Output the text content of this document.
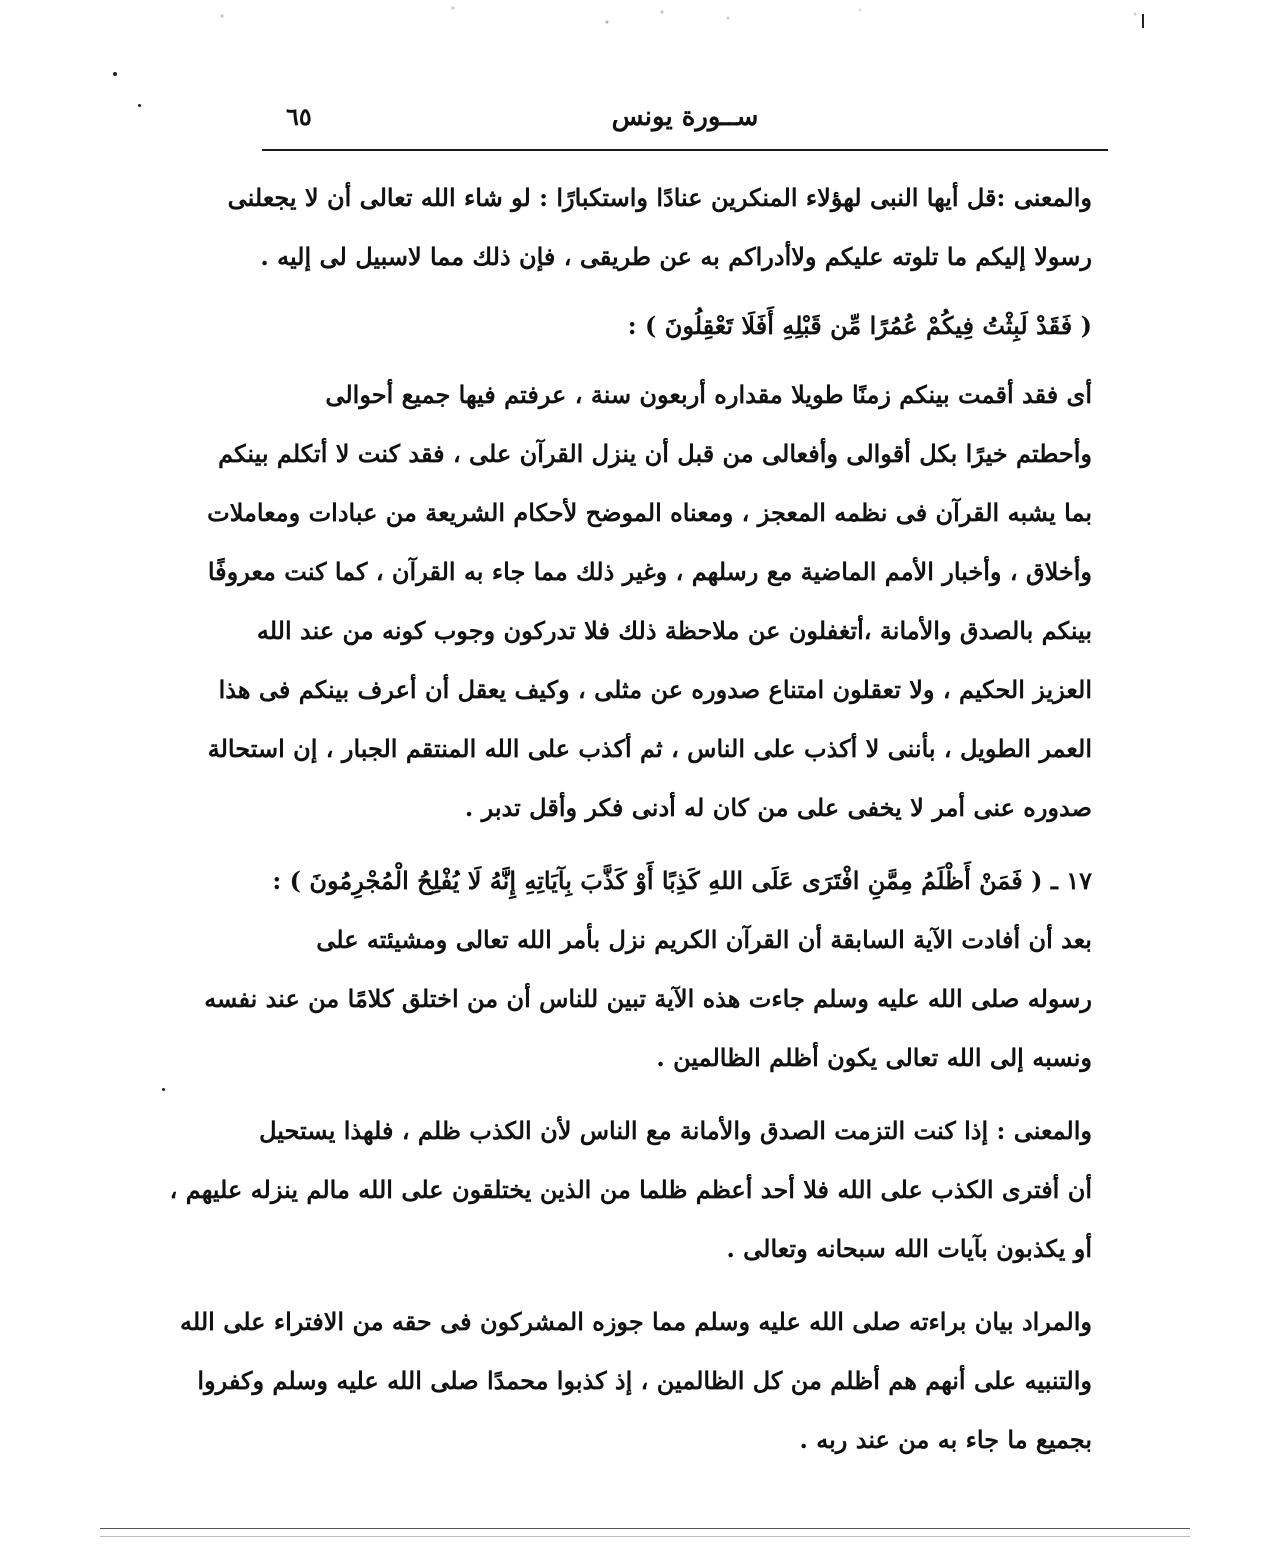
٦٥	ســورة يونس
والمعنى :قل أيها النبى لهؤلاء المنكرين عنادًا واستكبارًا : لو شاء الله تعالى أن لا يجعلنى
رسولا إليكم ما تلوته عليكم ولاأدراكم به عن طريقى ، فإن ذلك مما لاسبيل لى إليه .
( فَقَدْ لَبِثْتُ فِيكُمْ عُمُرًا مِّن قَبْلِهِ أَفَلَا تَعْقِلُونَ ) :
أى فقد أقمت بينكم زمنًا طويلا مقداره أربعون سنة ، عرفتم فيها جميع أحوالى
وأحطتم خيرًا بكل أقوالى وأفعالى من قبل أن ينزل القرآن على ، فقد كنت لا أتكلم بينكم
بما يشبه القرآن فى نظمه المعجز ، ومعناه الموضح لأحكام الشريعة من عبادات ومعاملات
وأخلاق ، وأخبار الأمم الماضية مع رسلهم ، وغير ذلك مما جاء به القرآن ، كما كنت معروفًا
بينكم بالصدق والأمانة ،أتغفلون عن ملاحظة ذلك فلا تدركون وجوب كونه من عند الله
العزيز الحكيم ، ولا تعقلون امتناع صدوره عن مثلى ، وكيف يعقل أن أعرف بينكم فى هذا
العمر الطويل ، بأننى لا أكذب على الناس ، ثم أكذب على الله المنتقم الجبار ، إن استحالة
صدوره عنى أمر لا يخفى على من كان له أدنى فكر وأقل تدبر .
١٧ ـ ( فَمَنْ أَظْلَمُ مِمَّنِ افْتَرَى عَلَى اللهِ كَذِبًا أَوْ كَذَّبَ بِآيَاتِهِ إِنَّهُ لَا يُفْلِحُ الْمُجْرِمُونَ ) :
بعد أن أفادت الآية السابقة أن القرآن الكريم نزل بأمر الله تعالى ومشيئته على
رسوله صلى الله عليه وسلم جاءت هذه الآية تبين للناس أن من اختلق كلامًا من عند نفسه
ونسبه إلى الله تعالى يكون أظلم الظالمين .
والمعنى : إذا كنت التزمت الصدق والأمانة مع الناس لأن الكذب ظلم ، فلهذا يستحيل
أن أفترى الكذب على الله فلا أحد أعظم ظلما من الذين يختلقون على الله مالم ينزله عليهم ،
أو يكذبون بآيات الله سبحانه وتعالى .
والمراد بيان براءته صلى الله عليه وسلم مما جوزه المشركون فى حقه من الافتراء على الله
والتنبيه على أنهم هم أظلم من كل الظالمين ، إذ كذبوا محمدًا صلى الله عليه وسلم وكفروا
بجميع ما جاء به من عند ربه .
